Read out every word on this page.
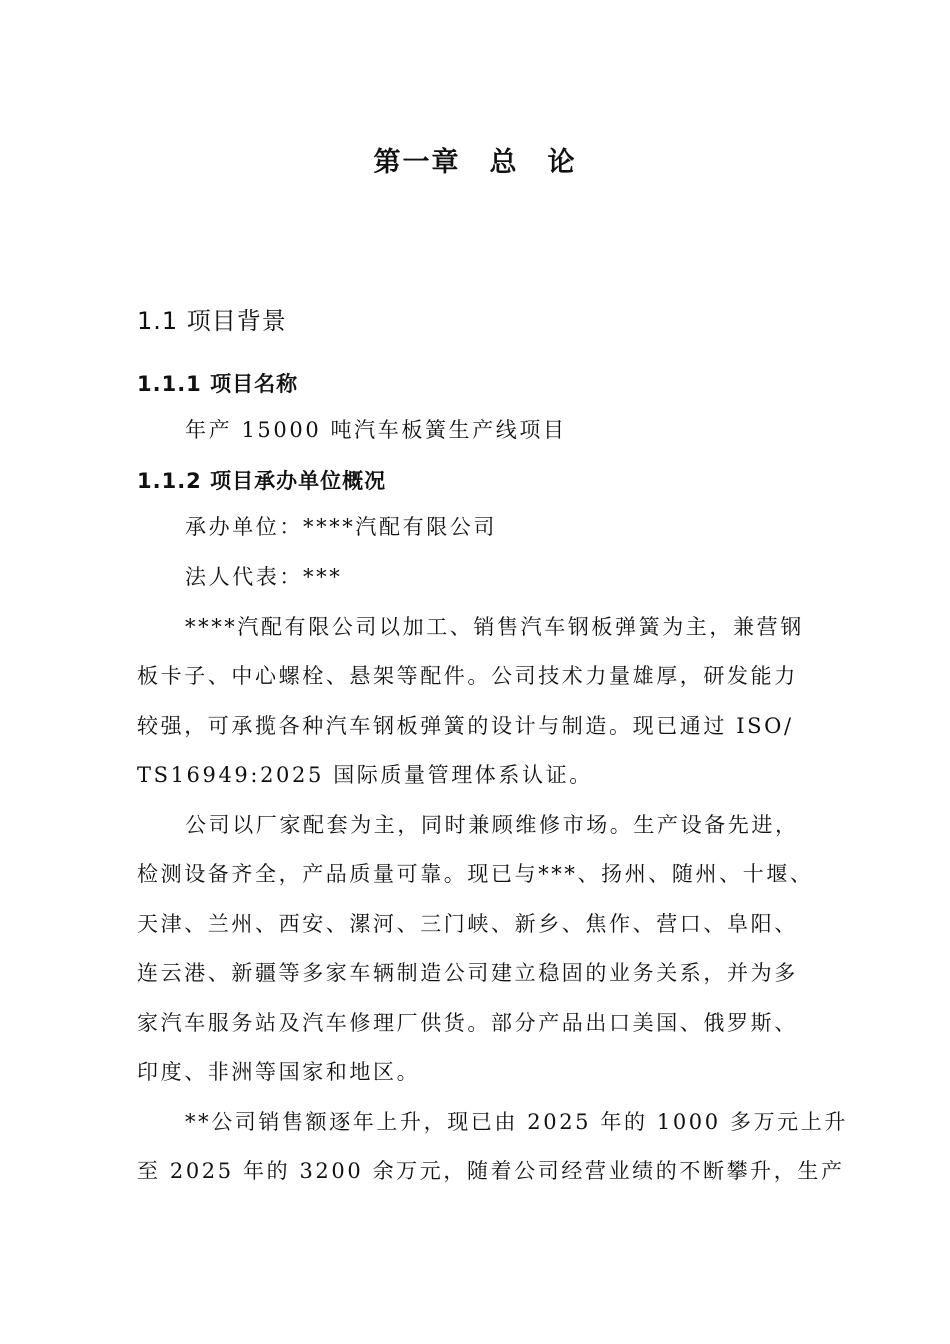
第一章　总　论
1.1 项目背景
1.1.1 项目名称
年产 15000 吨汽车板簧生产线项目
1.1.2 项目承办单位概况
承办单位：****汽配有限公司
法人代表：***
****汽配有限公司以加工、销售汽车钢板弹簧为主，兼营钢
板卡子、中心螺栓、悬架等配件。公司技术力量雄厚，研发能力
较强，可承揽各种汽车钢板弹簧的设计与制造。现已通过 ISO/
TS16949:2025 国际质量管理体系认证。
公司以厂家配套为主，同时兼顾维修市场。生产设备先进，
检测设备齐全，产品质量可靠。现已与***、扬州、随州、十堰、
天津、兰州、西安、漯河、三门峡、新乡、焦作、营口、阜阳、
连云港、新疆等多家车辆制造公司建立稳固的业务关系，并为多
家汽车服务站及汽车修理厂供货。部分产品出口美国、俄罗斯、
印度、非洲等国家和地区。
**公司销售额逐年上升，现已由 2025 年的 1000 多万元上升
至 2025 年的 3200 余万元，随着公司经营业绩的不断攀升，生产
